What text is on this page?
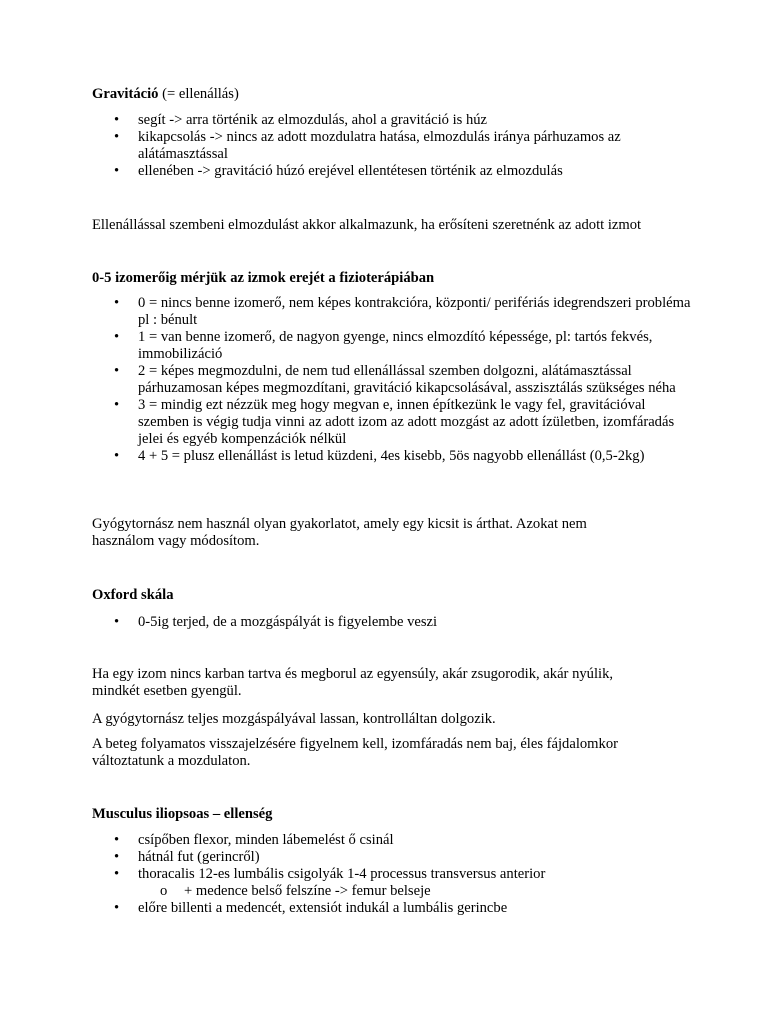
Gravitáció (= ellenállás)

• segít -> arra történik az elmozdulás, ahol a gravitáció is húz
• kikapcsolás -> nincs az adott mozdulatra hatása, elmozdulás iránya párhuzamos az alátámasztással
• ellenében -> gravitáció húzó erejével ellentétesen történik az elmozdulás

Ellenállással szembeni elmozdulást akkor alkalmazunk, ha erősíteni szeretnénk az adott izmot

0-5 izomerőig mérjük az izmok erejét a fizioterápiában

• 0 = nincs benne izomerő, nem képes kontrakcióra, központi/ perifériás idegrendszeri probléma pl : bénult
• 1 = van benne izomerő, de nagyon gyenge, nincs elmozdító képessége, pl: tartós fekvés, immobilizáció
• 2 = képes megmozdulni, de nem tud ellenállással szemben dolgozni, alátámasztással párhuzamosan képes megmozdítani, gravitáció kikapcsolásával, asszisztálás szükséges néha
• 3 = mindig ezt nézzük meg hogy megvan e, innen építkezünk le vagy fel, gravitációval szemben is végig tudja vinni az adott izom az adott mozgást az adott ízületben, izomfáradás jelei és egyéb kompenzációk nélkül
• 4 + 5 = plusz ellenállást is letud küzdeni, 4es kisebb, 5ös nagyobb ellenállást (0,5-2kg)

Gyógytornász nem használ olyan gyakorlatot, amely egy kicsit is árthat. Azokat nem használom vagy módosítom.

Oxford skála

• 0-5ig terjed, de a mozgáspályát is figyelembe veszi

Ha egy izom nincs karban tartva és megborul az egyensúly, akár zsugorodik, akár nyúlik, mindkét esetben gyengül.

A gyógytornász teljes mozgáspályával lassan, kontrolláltan dolgozik.

A beteg folyamatos visszajelzésére figyelnem kell, izomfáradás nem baj, éles fájdalomkor változtatunk a mozdulaton.

Musculus iliopsoas – ellenség

• csípőben flexor, minden lábemelést ő csinál
• hátnál fut (gerincről)
• thoracalis 12-es lumbális csigolyák 1-4 processus transversus anterior
o + medence belső felszíne -> femur belseje
• előre billenti a medencét, extensiót indukál a lumbális gerincbe
